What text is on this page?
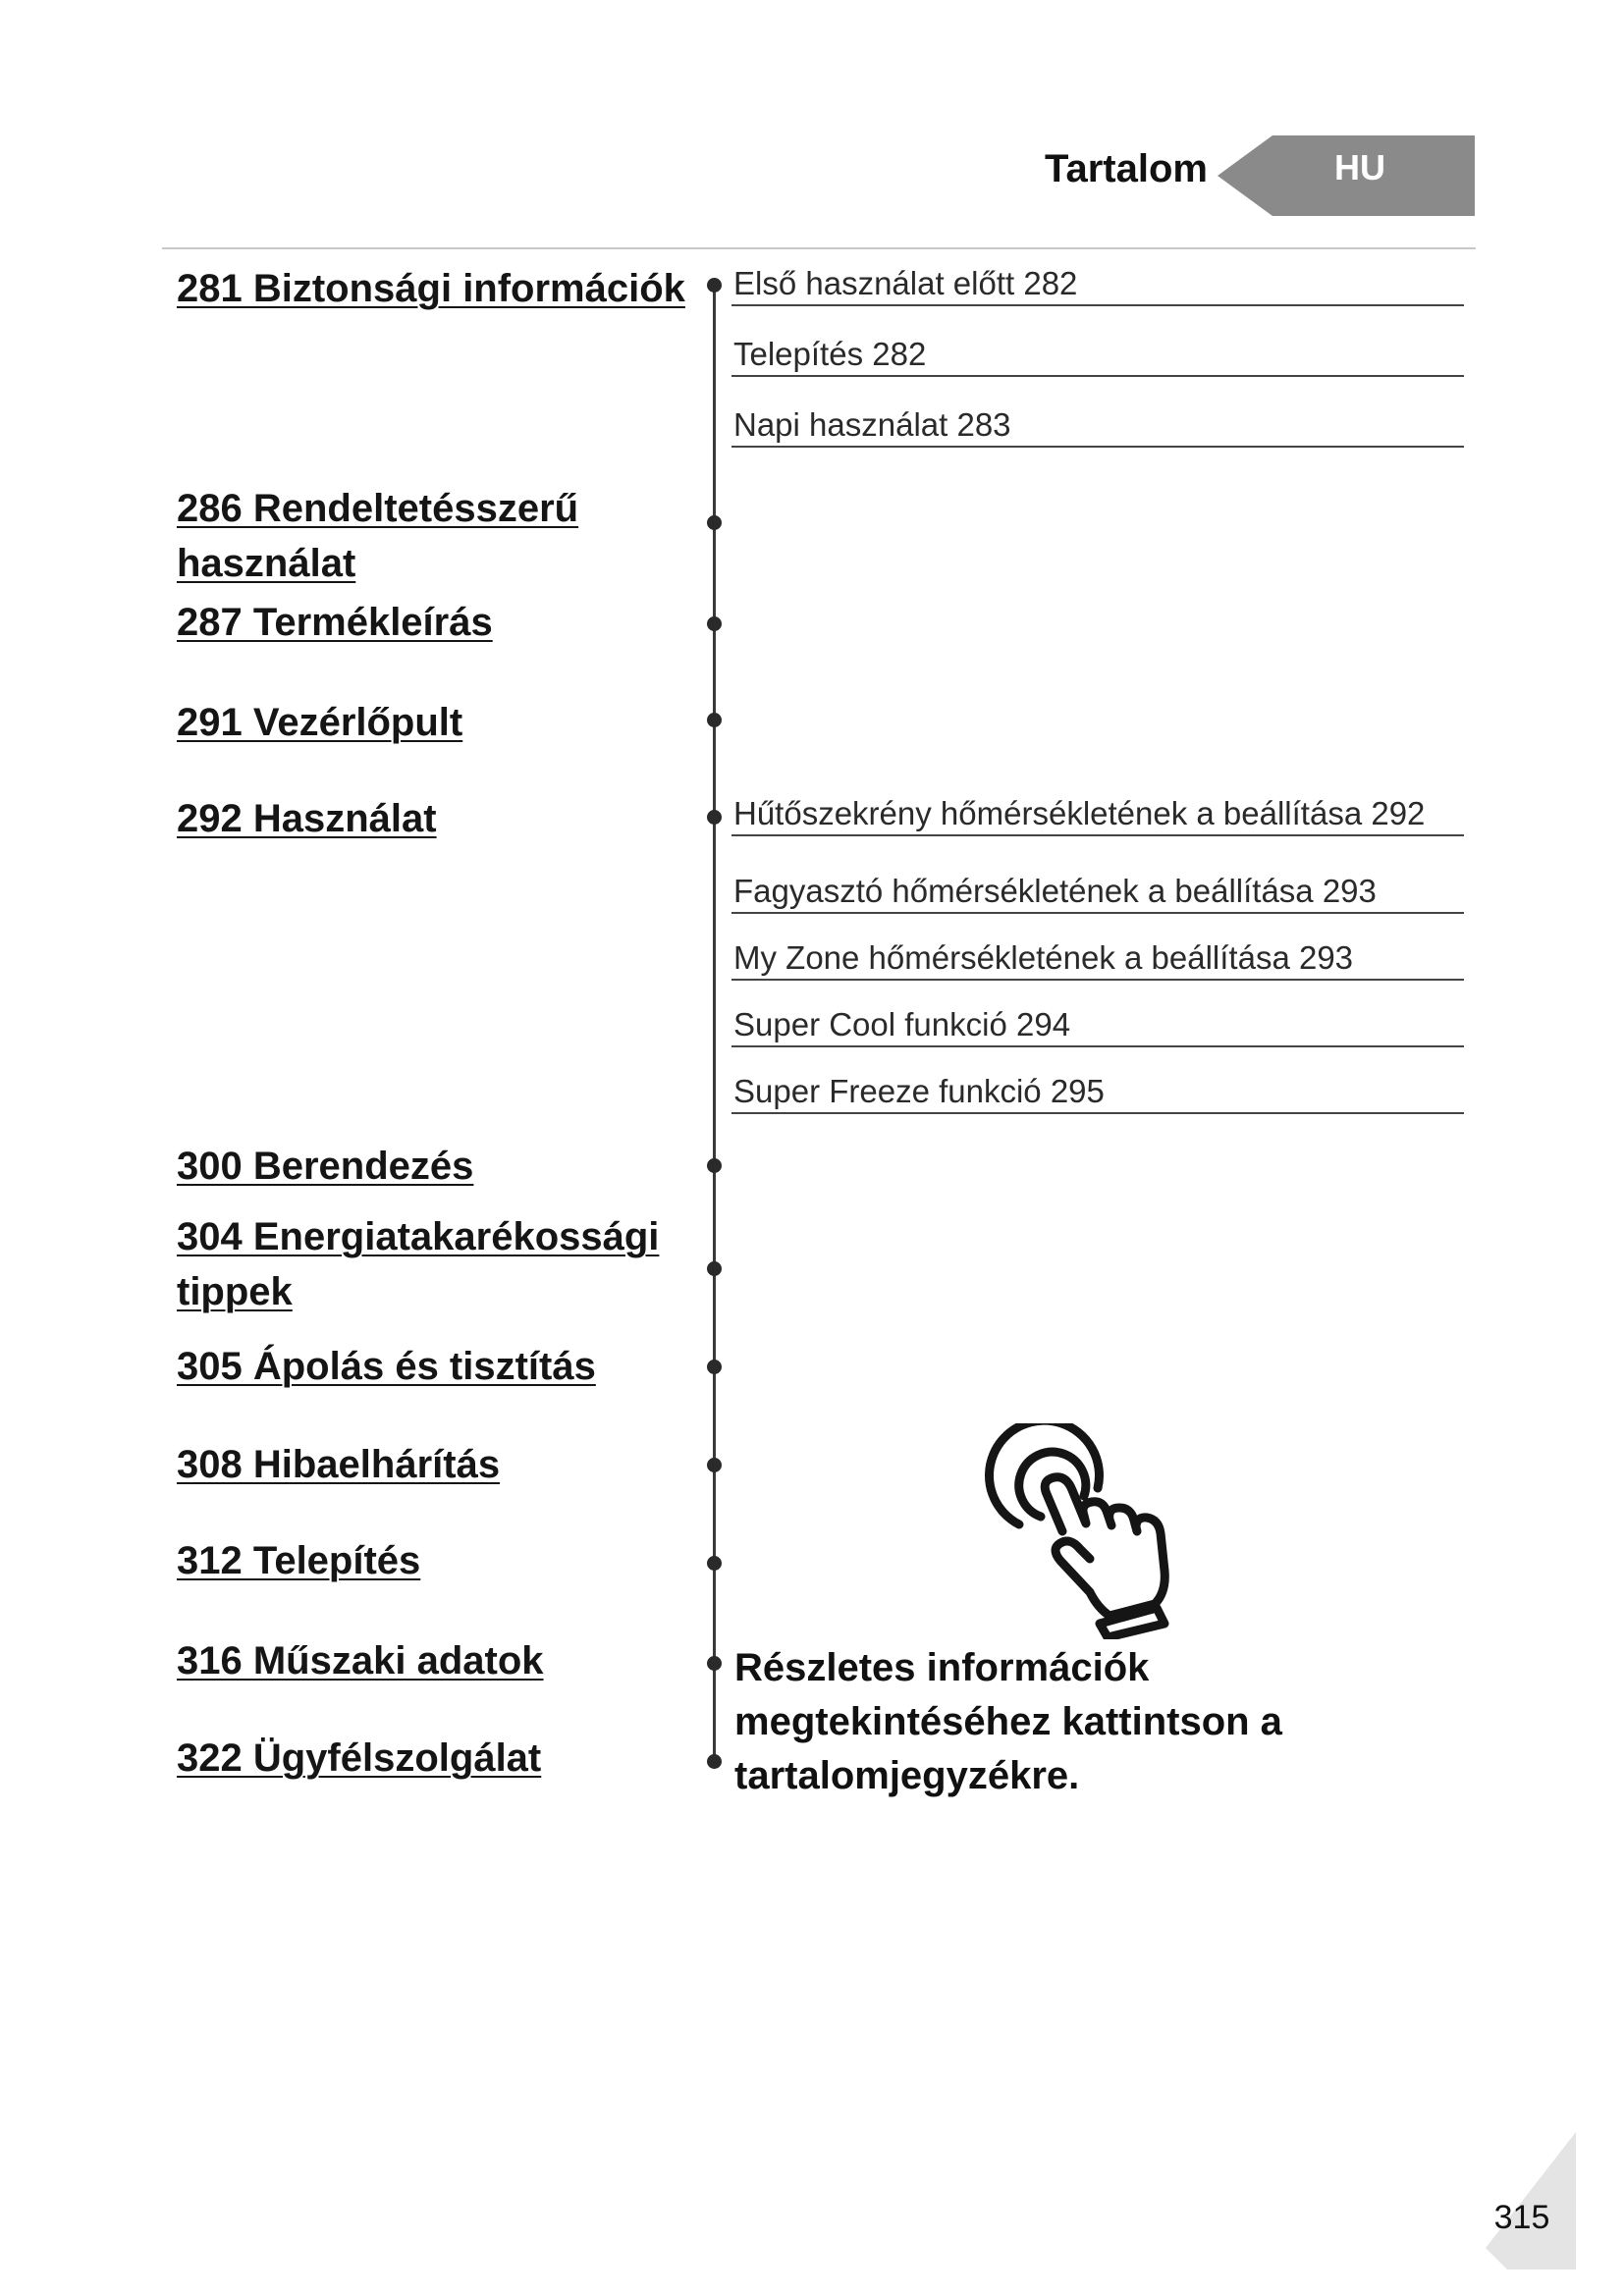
Tartalom	HU
281 Biztonsági információk
286 Rendeltetésszerű
használat
287 Termékleírás
291 Vezérlőpult
292 Használat
300 Berendezés
304 Energiatakarékossági
tippek
305 Ápolás és tisztítás
308 Hibaelhárítás
312 Telepítés
316 Műszaki adatok
322 Ügyfélszolgálat
Első használat előtt 282
Telepítés 282
Napi használat 283
Hűtőszekrény hőmérsékletének a beállítása 292
Fagyasztó hőmérsékletének a beállítása 293
My Zone hőmérsékletének a beállítása 293
Super Cool funkció 294
Super Freeze funkció 295
Részletes információk
megtekintéséhez kattintson a
tartalomjegyzékre.
315
